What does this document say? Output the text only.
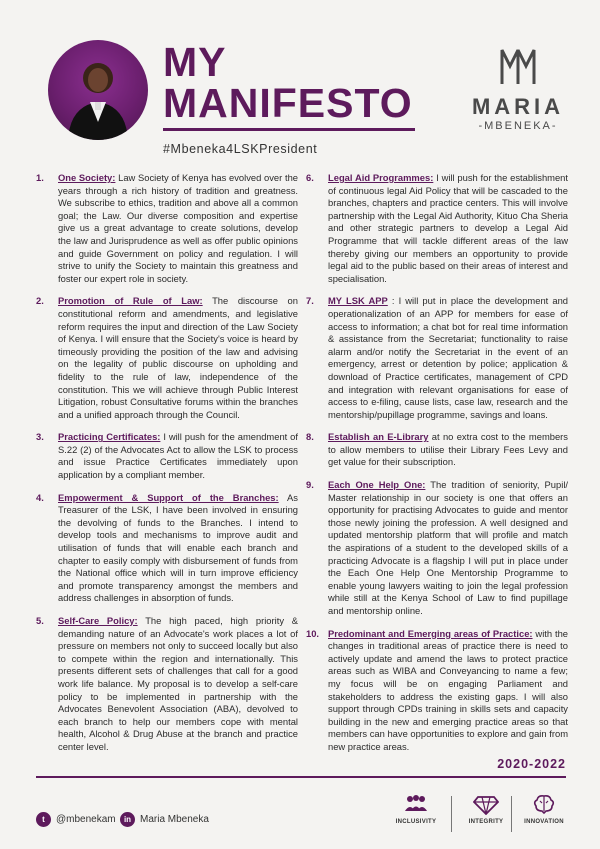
MY
MANIFESTO
#Mbeneka4LSKPresident
MARIA
-MBENEKA-
1. One Society: Law Society of Kenya has evolved over the years through a rich history of tradition and greatness. We subscribe to ethics, tradition and above all a common goal; the Law. Our diverse composition and expertise give us a great advantage to create solutions, develop the law and Jurisprudence as well as offer public opinions and guide Government on policy and regulation. I will strive to unify the Society to maintain this greatness and foster our expert role in society.

2. Promotion of Rule of Law: The discourse on constitutional reform and amendments, and legislative reform requires the input and direction of the Law Society of Kenya. I will ensure that the Society's voice is heard by timeously providing the position of the law and advising on the legality of public discourse on upholding and fidelity to the rule of law, independence of the constitution. This we will achieve through Public Interest Litigation, robust Consultative forums within the branches and a unified approach through the Council.

3. Practicing Certificates: I will push for the amendment of S.22 (2) of the Advocates Act to allow the LSK to process and issue Practice Certificates immediately upon application by a compliant member.

4. Empowerment & Support of the Branches: As Treasurer of the LSK, I have been involved in ensuring the devolving of funds to the Branches. I intend to develop tools and mechanisms to improve audit and utilisation of funds that will enable each branch and chapter to easily comply with disbursement of funds from the National office which will in turn improve efficiency and promote transparency amongst the members and address challenges in absorption of funds.

5. Self-Care Policy: The high paced, high priority & demanding nature of an Advocate's work places a lot of pressure on members not only to succeed locally but also to compete within the region and internationally. This presents different sets of challenges that call for a good work life balance. My proposal is to develop a self-care policy to be implemented in partnership with the Advocates Benevolent Association (ABA), devolved to each branch to help our members cope with mental health, Alcohol & Drug Abuse at the branch and practice center level.

6. Legal Aid Programmes: I will push for the establishment of continuous legal Aid Policy that will be cascaded to the branches, chapters and practice centers. This will involve partnership with the Legal Aid Authority, Kituo Cha Sheria and other strategic partners to develop a Legal Aid Programme that will tackle different areas of the law thereby giving our members an opportunity to provide legal aid to the public based on their areas of interest and specialisation.

7. MY LSK APP : I will put in place the development and operationalization of an APP for members for ease of access to information; a chat bot for real time information & assistance from the Secretariat; functionality to raise alarm and/or notify the Secretariat in the event of an emergency, arrest or detention by police; application & download of Practice certificates, management of CPD and integration with relevant organisations for ease of access to e-filing, cause lists, case law, research and the mentorship/pupillage programme, savings and loans.

8. Establish an E-Library at no extra cost to the members to allow members to utilise their Library Fees Levy and get value for their subscription.

9. Each One Help One: The tradition of seniority, Pupil/ Master relationship in our society is one that offers an opportunity for practising Advocates to guide and mentor those newly joining the profession. A well designed and updated mentorship platform that will profile and match the aspirations of a student to the developed skills of a practicing Advocate is a flagship I will put in place under the Each One Help One Mentorship Programme to enable young lawyers waiting to join the legal profession while still at the Kenya School of Law to find pupillage and mentorship online.

10. Predominant and Emerging areas of Practice: with the changes in traditional areas of practice there is need to actively update and amend the laws to protect practice areas such as WIBA and Conveyancing to name a few; my focus will be on engaging Parliament and stakeholders to address the existing gaps. I will also support through CPDs training in skills sets and capacity building in the new and emerging practice areas so that members can have opportunities to explore and gain from new practice areas.

2020-2022
t	@mbenekam	in Maria Mbeneka	INCLUSIVITY	INTEGRITY	INNOVATION
